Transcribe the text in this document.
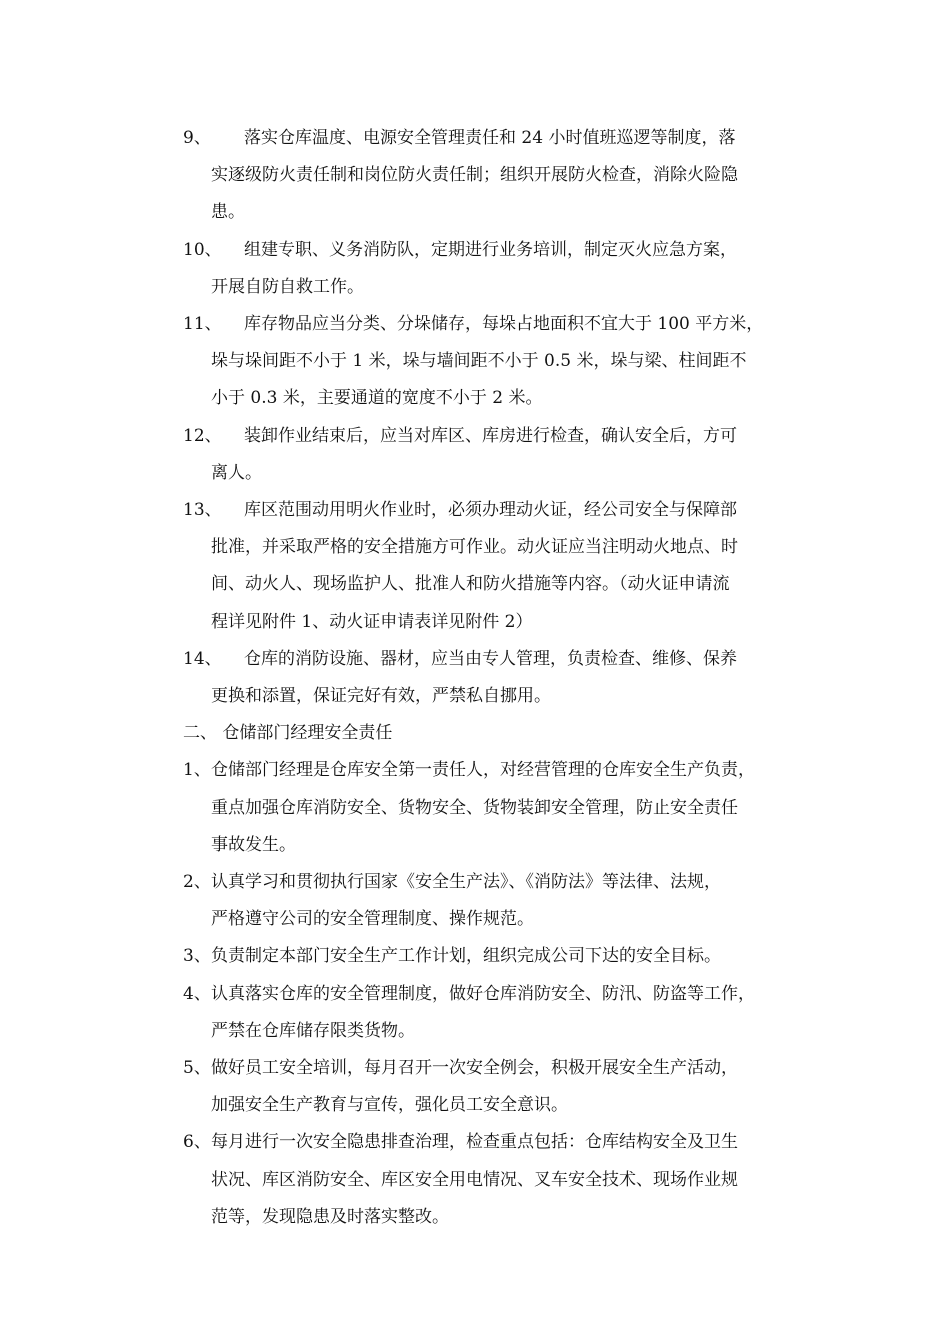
9、 落实仓库温度、电源安全管理责任和 24 小时值班巡逻等制度，落
实逐级防火责任制和岗位防火责任制；组织开展防火检查，消除火险隐
患。
10、 组建专职、义务消防队，定期进行业务培训，制定灭火应急方案，
开展自防自救工作。
11、 库存物品应当分类、分垛储存，每垛占地面积不宜大于 100 平方米，
垛与垛间距不小于 1 米，垛与墙间距不小于 0.5 米，垛与梁、柱间距不
小于 0.3 米，主要通道的宽度不小于 2 米。
12、 装卸作业结束后，应当对库区、库房进行检查，确认安全后，方可
离人。
13、 库区范围动用明火作业时，必须办理动火证，经公司安全与保障部
批准，并采取严格的安全措施方可作业。动火证应当注明动火地点、时
间、动火人、现场监护人、批准人和防火措施等内容。（动火证申请流
程详见附件 1、动火证申请表详见附件 2）
14、 仓库的消防设施、器材，应当由专人管理，负责检查、维修、保养
更换和添置，保证完好有效，严禁私自挪用。
二、 仓储部门经理安全责任
1、 仓储部门经理是仓库安全第一责任人，对经营管理的仓库安全生产负责，
重点加强仓库消防安全、货物安全、货物装卸安全管理，防止安全责任
事故发生。
2、 认真学习和贯彻执行国家《安全生产法》、《消防法》等法律、法规，
严格遵守公司的安全管理制度、操作规范。
3、 负责制定本部门安全生产工作计划，组织完成公司下达的安全目标。
4、 认真落实仓库的安全管理制度，做好仓库消防安全、防汛、防盗等工作，
严禁在仓库储存限类货物。
5、 做好员工安全培训，每月召开一次安全例会，积极开展安全生产活动，
加强安全生产教育与宣传，强化员工安全意识。
6、 每月进行一次安全隐患排查治理，检查重点包括：仓库结构安全及卫生
状况、库区消防安全、库区安全用电情况、叉车安全技术、现场作业规
范等，发现隐患及时落实整改。
